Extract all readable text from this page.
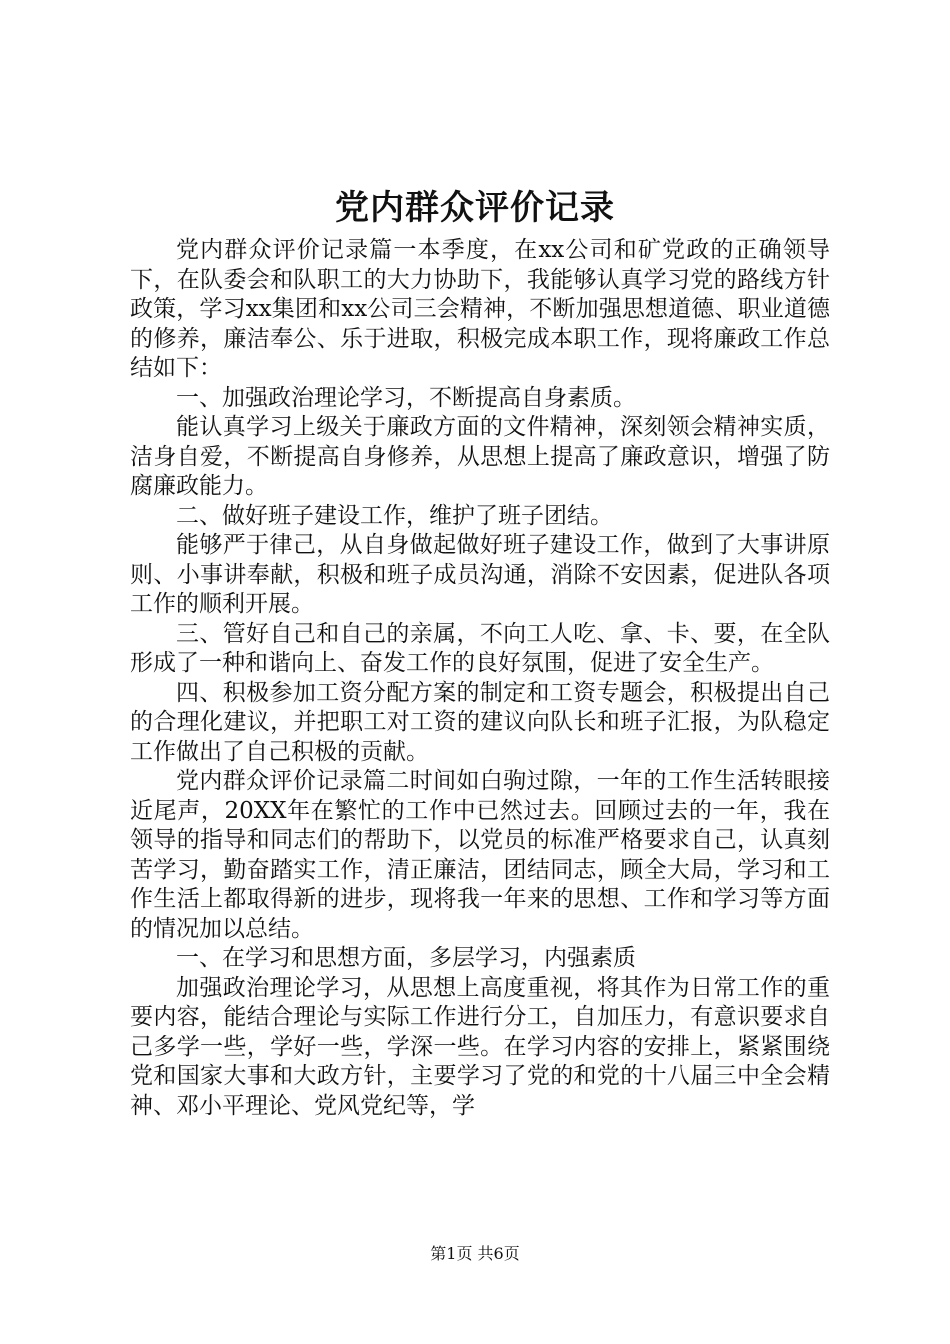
党内群众评价记录

党内群众评价记录篇一本季度，在xx公司和矿党政的正确领导下，在队委会和队职工的大力协助下，我能够认真学习党的路线方针政策，学习xx集团和xx公司三会精神，不断加强思想道德、职业道德的修养，廉洁奉公、乐于进取，积极完成本职工作，现将廉政工作总结如下：

一、加强政治理论学习，不断提高自身素质。

能认真学习上级关于廉政方面的文件精神，深刻领会精神实质，洁身自爱，不断提高自身修养，从思想上提高了廉政意识，增强了防腐廉政能力。

二、做好班子建设工作，维护了班子团结。

能够严于律己，从自身做起做好班子建设工作，做到了大事讲原则、小事讲奉献，积极和班子成员沟通，消除不安因素，促进队各项工作的顺利开展。

三、管好自己和自己的亲属，不向工人吃、拿、卡、要，在全队形成了一种和谐向上、奋发工作的良好氛围，促进了安全生产。

四、积极参加工资分配方案的制定和工资专题会，积极提出自己的合理化建议，并把职工对工资的建议向队长和班子汇报，为队稳定工作做出了自己积极的贡献。

党内群众评价记录篇二时间如白驹过隙，一年的工作生活转眼接近尾声，20XX年在繁忙的工作中已然过去。回顾过去的一年，我在领导的指导和同志们的帮助下，以党员的标准严格要求自己，认真刻苦学习，勤奋踏实工作，清正廉洁，团结同志，顾全大局，学习和工作生活上都取得新的进步，现将我一年来的思想、工作和学习等方面的情况加以总结。

一、在学习和思想方面，多层学习，内强素质

加强政治理论学习，从思想上高度重视，将其作为日常工作的重要内容，能结合理论与实际工作进行分工，自加压力，有意识要求自己多学一些，学好一些，学深一些。在学习内容的安排上，紧紧围绕党和国家大事和大政方针，主要学习了党的和党的十八届三中全会精神、邓小平理论、党风党纪等，学

第1页 共6页
